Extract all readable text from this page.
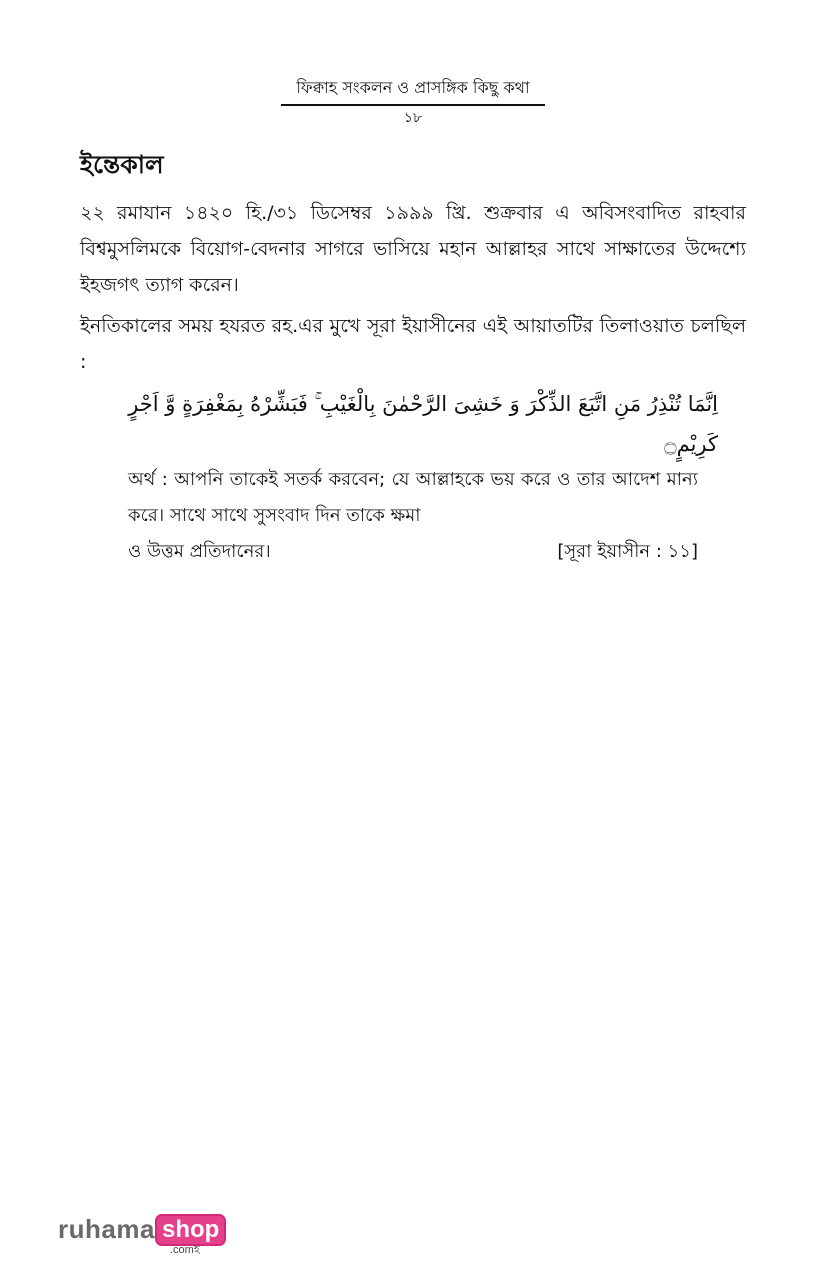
ফিক্বাহ সংকলন ও প্রাসঙ্গিক কিছু কথা
১৮
ইন্তেকাল
২২ রমাযান ১৪২০ হি./৩১ ডিসেম্বর ১৯৯৯ খ্রি. শুক্রবার এ অবিসংবাদিত রাহবার বিশ্বমুসলিমকে বিয়োগ-বেদনার সাগরে ভাসিয়ে মহান আল্লাহর সাথে সাক্ষাতের উদ্দেশ্যে ইহজগৎ ত্যাগ করেন।
ইনতিকালের সময় হযরত রহ.এর মুখে সূরা ইয়াসীনের এই আয়াতটির তিলাওয়াত চলছিল :
اِنَّمَا تُنْذِرُ مَنِ اتَّبَعَ الذِّكْرَ وَ خَشِىَ الرَّحْمٰنَ بِالْغَيْبِ ۚ فَبَشِّرْهُ بِمَغْفِرَةٍ وَّ اَجْرٍ كَرِيْمٍ۝
অর্থ : আপনি তাকেই সতর্ক করবেন; যে আল্লাহকে ভয় করে ও তার আদেশ মান্য করে। সাথে সাথে সুসংবাদ দিন তাকে ক্ষমা
ও উত্তম প্রতিদানের।	[সূরা ইয়াসীন : ১১]
ruhama shop
.comহ
